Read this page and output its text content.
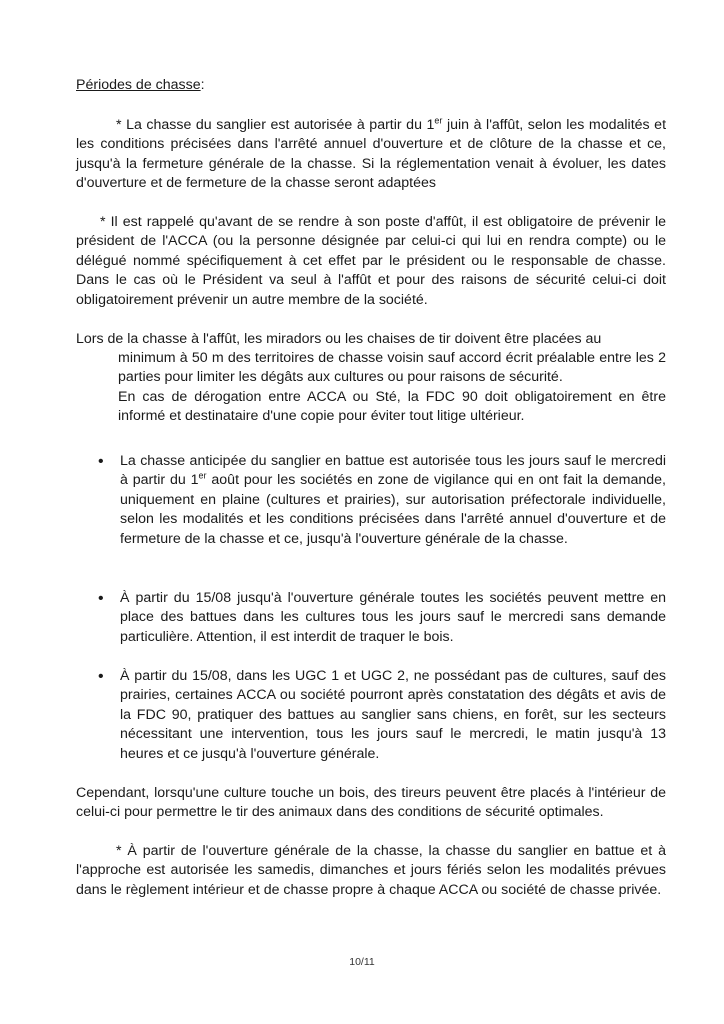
Périodes de chasse:

* La chasse du sanglier est autorisée à partir du 1er juin à l'affût, selon les modalités et les conditions précisées dans l'arrêté annuel d'ouverture et de clôture de la chasse et ce, jusqu'à la fermeture générale de la chasse. Si la réglementation venait à évoluer, les dates d'ouverture et de fermeture de la chasse seront adaptées

* Il est rappelé qu'avant de se rendre à son poste d'affût, il est obligatoire de prévenir le président de l'ACCA (ou la personne désignée par celui-ci qui lui en rendra compte) ou le délégué nommé spécifiquement à cet effet par le président ou le responsable de chasse. Dans le cas où le Président va seul à l'affût et pour des raisons de sécurité celui-ci doit obligatoirement prévenir un autre membre de la société.

Lors de la chasse à l'affût, les miradors ou les chaises de tir doivent être placées au

minimum à 50 m des territoires de chasse voisin sauf accord écrit préalable entre les 2 parties pour limiter les dégâts aux cultures ou pour raisons de sécurité.

En cas de dérogation entre ACCA ou Sté, la FDC 90 doit obligatoirement en être informé et destinataire d'une copie pour éviter tout litige ultérieur.

•	La chasse anticipée du sanglier en battue est autorisée tous les jours sauf le mercredi à partir du 1er août pour les sociétés en zone de vigilance qui en ont fait la demande, uniquement en plaine (cultures et prairies), sur autorisation préfectorale individuelle, selon les modalités et les conditions précisées dans l'arrêté annuel d'ouverture et de fermeture de la chasse et ce, jusqu'à l'ouverture générale de la chasse.

•	À partir du 15/08 jusqu'à l'ouverture générale toutes les sociétés peuvent mettre en place des battues dans les cultures tous les jours sauf le mercredi sans demande particulière. Attention, il est interdit de traquer le bois.

•	À partir du 15/08, dans les UGC 1 et UGC 2, ne possédant pas de cultures, sauf des prairies, certaines ACCA ou société pourront après constatation des dégâts et avis de la FDC 90, pratiquer des battues au sanglier sans chiens, en forêt, sur les secteurs nécessitant une intervention, tous les jours sauf le mercredi, le matin jusqu'à 13 heures et ce jusqu'à l'ouverture générale.

Cependant, lorsqu'une culture touche un bois, des tireurs peuvent être placés à l'intérieur de celui-ci pour permettre le tir des animaux dans des conditions de sécurité optimales.

* À partir de l'ouverture générale de la chasse, la chasse du sanglier en battue et à l'approche est autorisée les samedis, dimanches et jours fériés selon les modalités prévues dans le règlement intérieur et de chasse propre à chaque ACCA ou société de chasse privée.

10/11
